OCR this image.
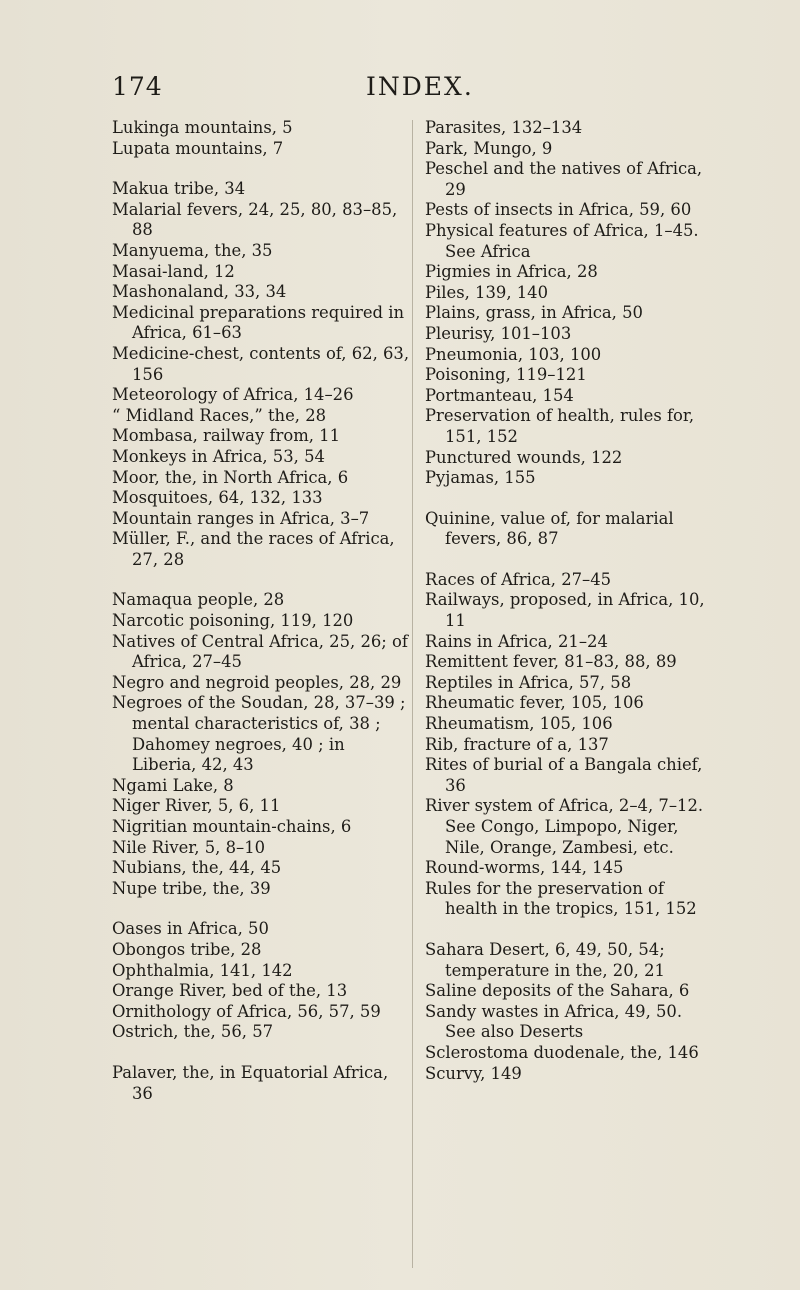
174	INDEX.

Lukinga mountains, 5

Lupata mountains, 7

Makua tribe, 34

Malarial fevers, 24, 25, 80, 83–85, 88

Manyuema, the, 35

Masai-land, 12

Mashonaland, 33, 34

Medicinal preparations required in Africa, 61–63

Medicine-chest, contents of, 62, 63, 156

Meteorology of Africa, 14–26

“ Midland Races,” the, 28

Mombasa, railway from, 11

Monkeys in Africa, 53, 54

Moor, the, in North Africa, 6

Mosquitoes, 64, 132, 133

Mountain ranges in Africa, 3–7

Müller, F., and the races of Africa, 27, 28

Namaqua people, 28

Narcotic poisoning, 119, 120

Natives of Central Africa, 25, 26; of Africa, 27–45

Negro and negroid peoples, 28, 29

Negroes of the Soudan, 28, 37–39 ; mental characteristics of, 38 ; Dahomey negroes, 40 ; in Liberia, 42, 43

Ngami Lake, 8

Niger River, 5, 6, 11

Nigritian mountain-chains, 6

Nile River, 5, 8–10

Nubians, the, 44, 45

Nupe tribe, the, 39

Oases in Africa, 50

Obongos tribe, 28

Ophthalmia, 141, 142

Orange River, bed of the, 13

Ornithology of Africa, 56, 57, 59

Ostrich, the, 56, 57

Palaver, the, in Equatorial Africa, 36

Parasites, 132–134

Park, Mungo, 9

Peschel and the natives of Africa, 29

Pests of insects in Africa, 59, 60

Physical features of Africa, 1–45. See Africa

Pigmies in Africa, 28

Piles, 139, 140

Plains, grass, in Africa, 50

Pleurisy, 101–103

Pneumonia, 103, 100

Poisoning, 119–121

Portmanteau, 154

Preservation of health, rules for, 151, 152

Punctured wounds, 122

Pyjamas, 155

Quinine, value of, for malarial fevers, 86, 87

Races of Africa, 27–45

Railways, proposed, in Africa, 10, 11

Rains in Africa, 21–24

Remittent fever, 81–83, 88, 89

Reptiles in Africa, 57, 58

Rheumatic fever, 105, 106

Rheumatism, 105, 106

Rib, fracture of a, 137

Rites of burial of a Bangala chief, 36

River system of Africa, 2–4, 7–12. See Congo, Limpopo, Niger, Nile, Orange, Zambesi, etc.

Round-worms, 144, 145

Rules for the preservation of health in the tropics, 151, 152

Sahara Desert, 6, 49, 50, 54; temperature in the, 20, 21

Saline deposits of the Sahara, 6

Sandy wastes in Africa, 49, 50. See also Deserts

Sclerostoma duodenale, the, 146

Scurvy, 149
